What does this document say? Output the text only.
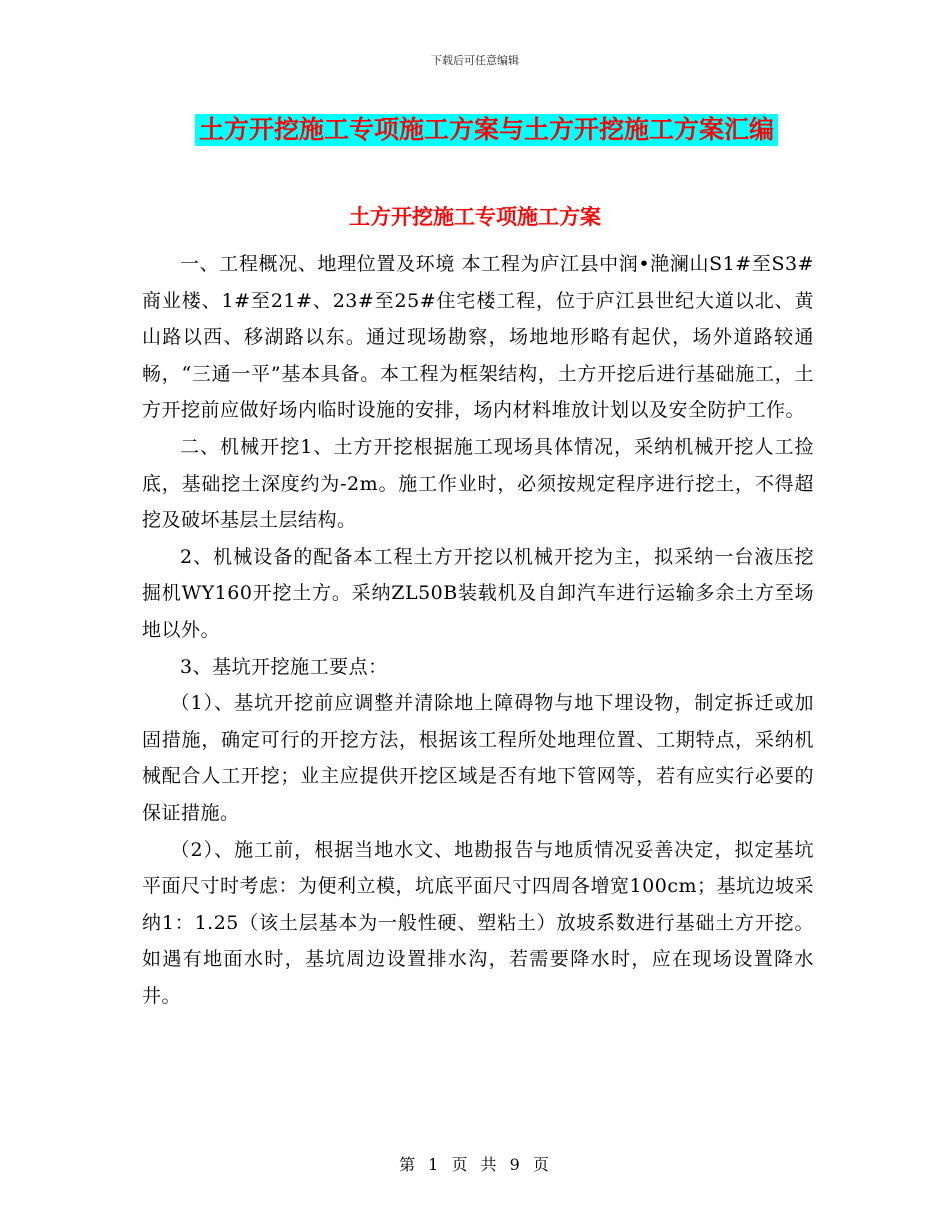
下载后可任意编辑
土方开挖施工专项施工方案与土方开挖施工方案汇编
土方开挖施工专项施工方案

一、工程概况、地理位置及环境 本工程为庐江县中润•滟澜山S1#至S3#商业楼、1#至21#、23#至25#住宅楼工程，位于庐江县世纪大道以北、黄山路以西、移湖路以东。通过现场勘察，场地地形略有起伏，场外道路较通畅，“三通一平”基本具备。本工程为框架结构，土方开挖后进行基础施工，土方开挖前应做好场内临时设施的安排，场内材料堆放计划以及安全防护工作。

二、机械开挖1、土方开挖根据施工现场具体情况，采纳机械开挖人工捡底，基础挖土深度约为-2m。施工作业时，必须按规定程序进行挖土，不得超挖及破坏基层土层结构。

2、机械设备的配备本工程土方开挖以机械开挖为主，拟采纳一台液压挖掘机WY160开挖土方。采纳ZL50B装载机及自卸汽车进行运输多余土方至场地以外。

3、基坑开挖施工要点：

（1）、基坑开挖前应调整并清除地上障碍物与地下埋设物，制定拆迁或加固措施，确定可行的开挖方法，根据该工程所处地理位置、工期特点，采纳机械配合人工开挖；业主应提供开挖区域是否有地下管网等，若有应实行必要的保证措施。

（2）、施工前，根据当地水文、地勘报告与地质情况妥善决定，拟定基坑平面尺寸时考虑：为便利立模，坑底平面尺寸四周各增宽100cm；基坑边坡采纳1：1.25（该土层基本为一般性硬、塑粘土）放坡系数进行基础土方开挖。如遇有地面水时，基坑周边设置排水沟，若需要降水时，应在现场设置降水井。

第 1 页 共 9 页
